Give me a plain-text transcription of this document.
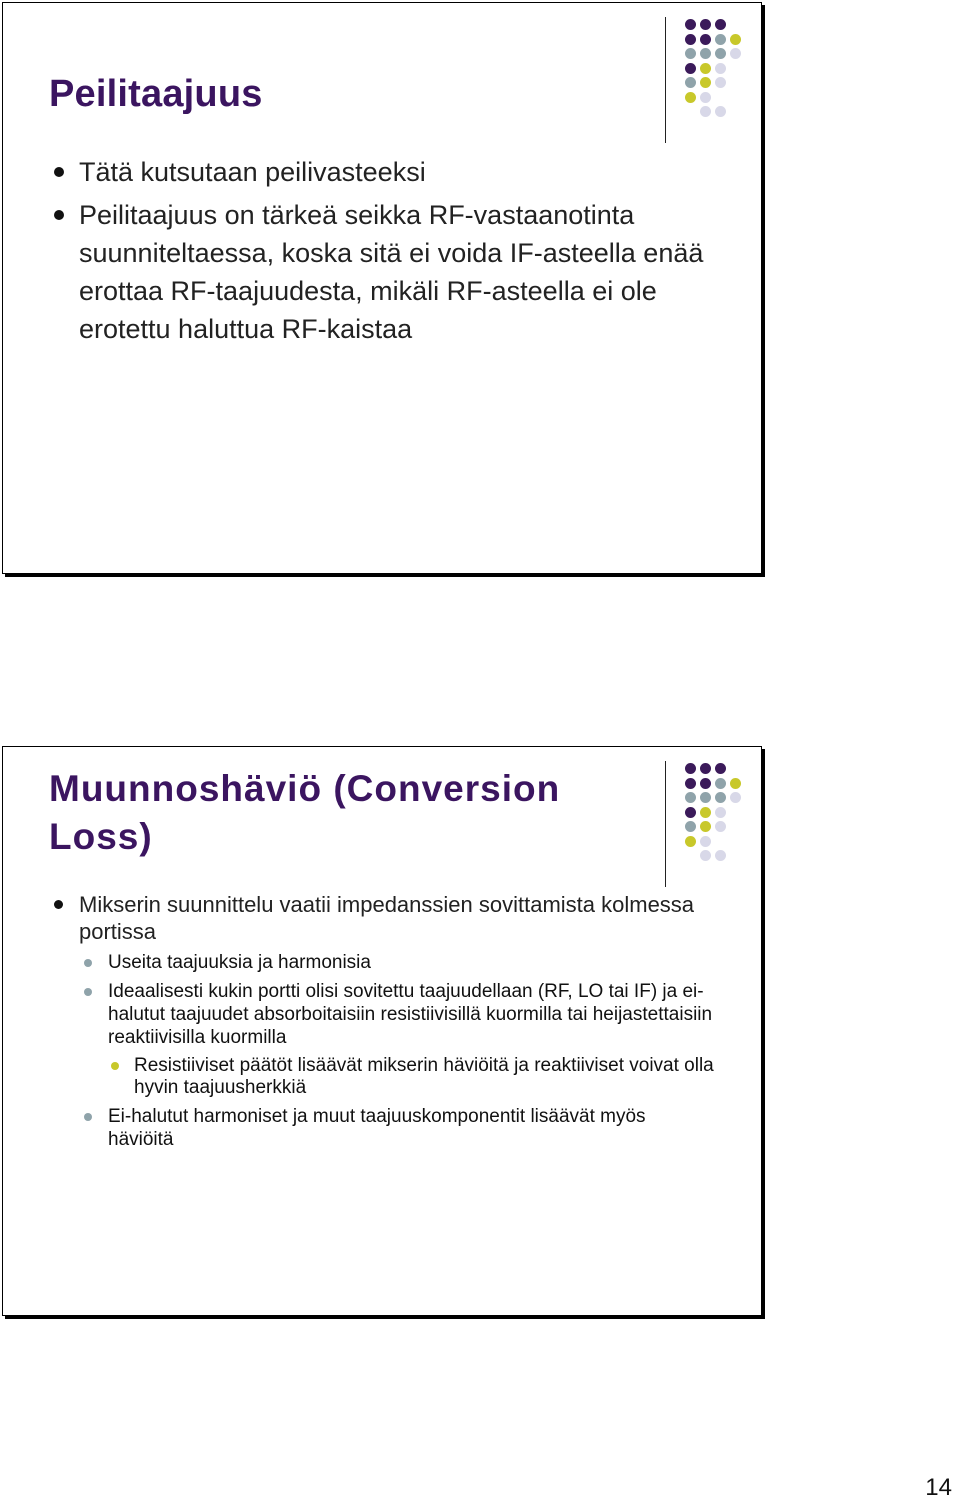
Peilitaajuus
Tätä kutsutaan peilivasteeksi
Peilitaajuus on tärkeä seikka RF-vastaanotinta suunniteltaessa, koska sitä ei voida IF-asteella enää erottaa RF-taajuudesta, mikäli RF-asteella ei ole erotettu haluttua RF-kaistaa
Muunnoshäviö (Conversion Loss)
Mikserin suunnittelu vaatii impedanssien sovittamista kolmessa portissa
Useita taajuuksia ja harmonisia
Ideaalisesti kukin portti olisi sovitettu taajuudellaan (RF, LO tai IF) ja ei-halutut taajuudet absorboitaisiin resistiivisillä kuormilla tai heijastettaisiin reaktiivisilla kuormilla
Resistiiviset päätöt lisäävät mikserin häviöitä ja reaktiiviset voivat olla hyvin taajuusherkkiä
Ei-halutut harmoniset ja muut taajuuskomponentit lisäävät myös häviöitä
14
